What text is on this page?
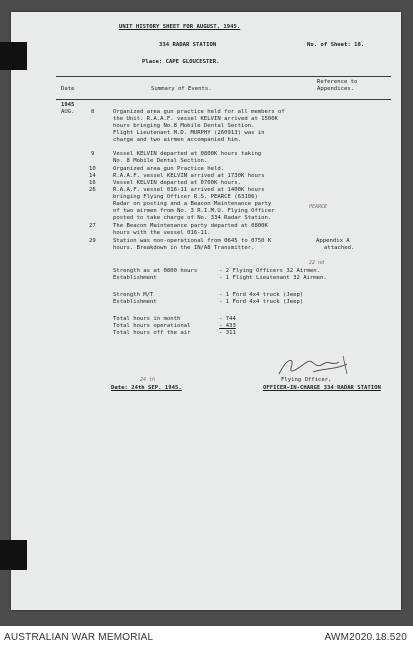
UNIT HISTORY SHEET FOR AUGUST, 1945.
334 RADAR STATION	No. of Sheet: 18.
Place: CAPE GLOUCESTER.
Date	Summary of Events.
Reference to
Appendices.
1945
AUG.	8	Organized area gun practice held for all members of
the Unit. R.A.A.F. vessel KELVIN arrived at 1500K
hours bringing No.8 Mobile Dental Section.
Flight Lieutenant M.D. MURPHY (260913) was in
charge and two airmen accompanied him.
9	Vessel KELVIN departed at 0800K hours taking
No. 8 Mobile Dental Section.
10	Organized area gun Practice held.
14	R.A.A.F. vessel KELVIN arrived at 1730K hours
16	Vessel KELVIN departed at 0700K hours.
26	R.A.A.F. vessel 016-11 arrived at 1400K hours
bringing Flying Officer R.S. PEARCE (63106)
Radar on posting and a Beacon Maintenance party
of two airmen from No. 3 R.I.M.U. Flying Officer
posted to take charge of No. 334 Radar Station.
PEARCE
27	The Beacon Maintenance party departed at 0800K
hours with the vessel 016-11.
29	Station was non-operational from 0645 to 0750 K
hours. Breakdown in the IN/A8 Transmitter.
Appendix A
attached.
22 nd
Strength as at 0800 hours	- 2 Flying Officers 32 Airmen.
Establishment	- 1 Flight Lieutenant 32 Airmen.
Strength M/T	- 1 Ford 4x4 truck (Jeep)
Establishment	- 1 Ford 4x4 truck (Jeep)
Total hours in month	- 744
Total hours operational	- 433
Total hours off the air	- 311
24 th
Date: 24th SEP. 1945.
Flying Officer,
OFFICER-IN-CHARGE 334 RADAR STATION
AUSTRALIAN WAR MEMORIAL	AWM2020.18.520
